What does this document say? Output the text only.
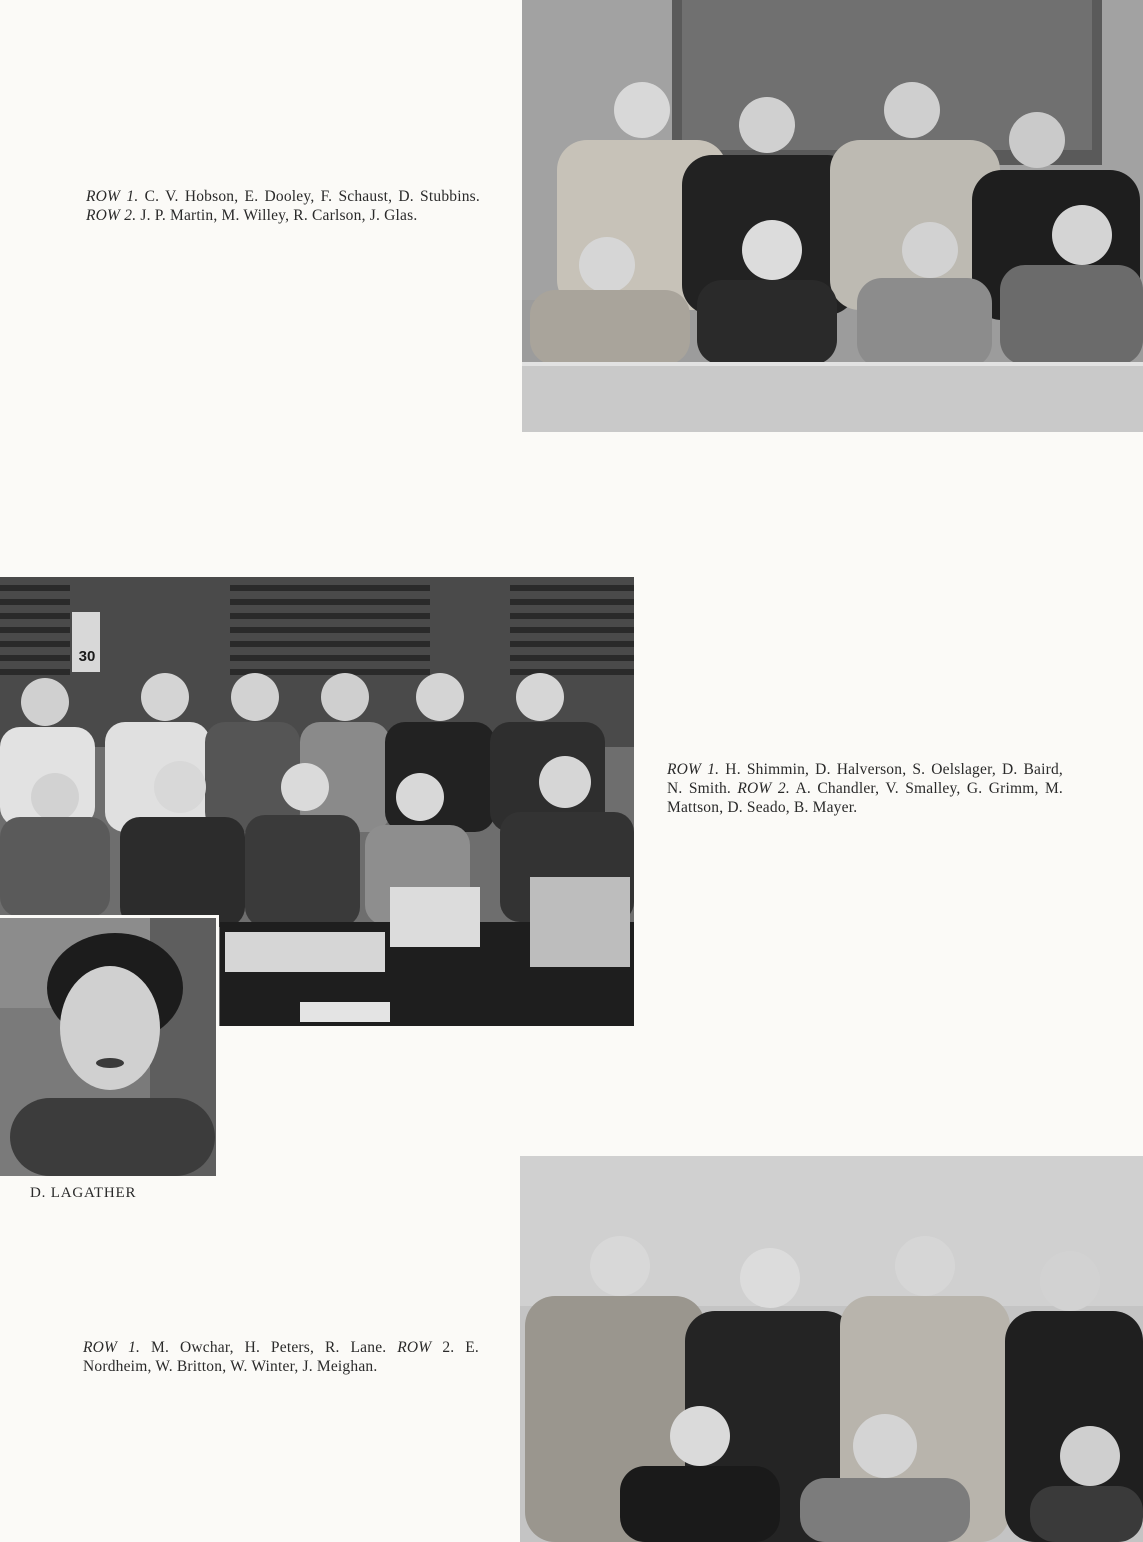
ROW 1. C. V. Hobson, E. Dooley, F. Schaust, D. Stubbins. ROW 2. J. P. Martin, M. Willey, R. Carlson, J. Glas.
ROW 1. H. Shimmin, D. Halverson, S. Oelslager, D. Baird, N. Smith. ROW 2. A. Chandler, V. Smalley, G. Grimm, M. Mattson, D. Seado, B. Mayer.
30
D. LAGATHER
ROW 1. M. Owchar, H. Peters, R. Lane. ROW 2. E. Nordheim, W. Britton, W. Winter, J. Meighan.
